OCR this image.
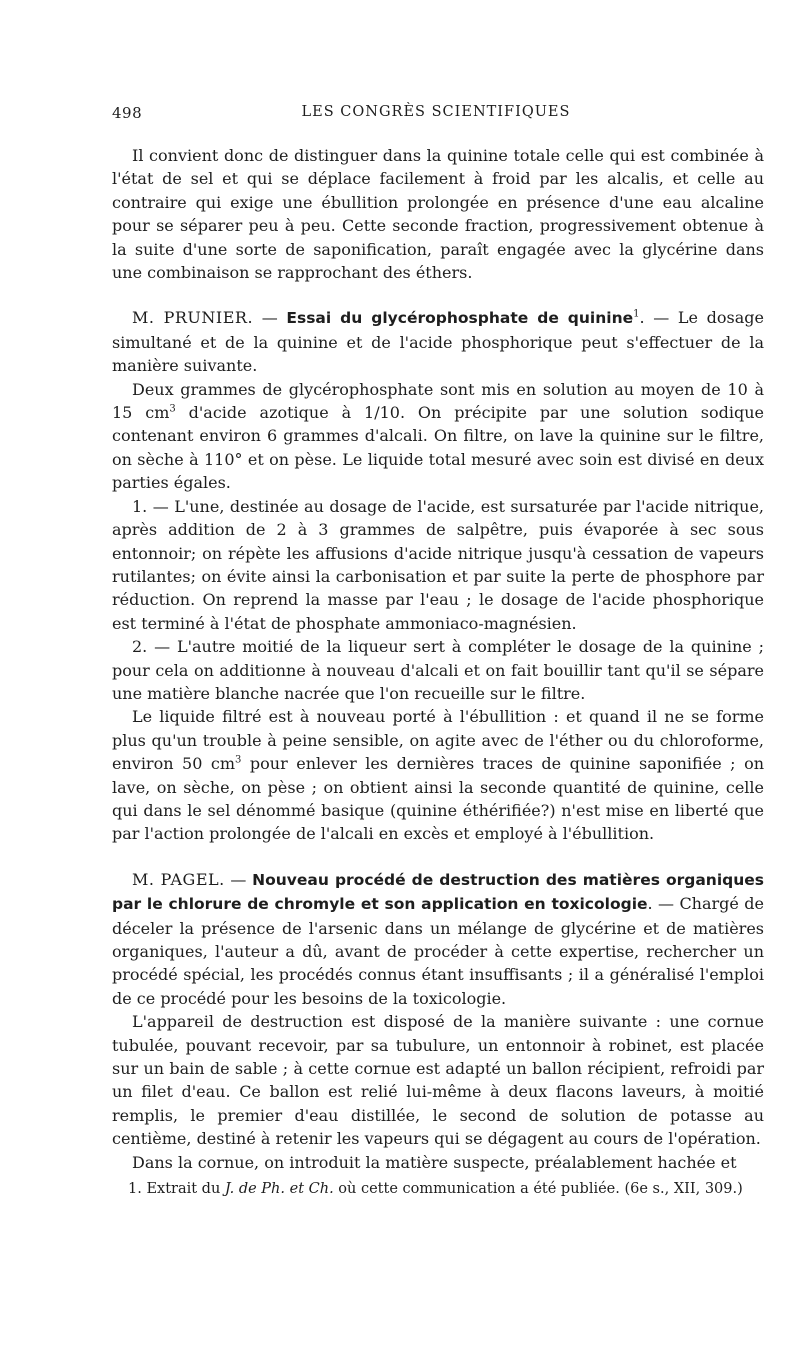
498	LES CONGRÈS SCIENTIFIQUES

Il convient donc de distinguer dans la quinine totale celle qui est combinée à l'état de sel et qui se déplace facilement à froid par les alcalis, et celle au contraire qui exige une ébullition prolongée en présence d'une eau alcaline pour se séparer peu à peu. Cette seconde fraction, progressivement obtenue à la suite d'une sorte de saponification, paraît engagée avec la glycérine dans une combinaison se rapprochant des éthers.

M. PRUNIER. — Essai du glycérophosphate de quinine$^1$. — Le dosage simultané et de la quinine et de l'acide phosphorique peut s'effectuer de la manière suivante.

Deux grammes de glycérophosphate sont mis en solution au moyen de 10 à 15 $cm^3$ d'acide azotique à 1/10. On précipite par une solution sodique contenant environ 6 grammes d'alcali. On filtre, on lave la quinine sur le filtre, on sèche à 110° et on pèse. Le liquide total mesuré avec soin est divisé en deux parties égales.

1. — L'une, destinée au dosage de l'acide, est sursaturée par l'acide nitrique, après addition de 2 à 3 grammes de salpêtre, puis évaporée à sec sous entonnoir; on répète les affusions d'acide nitrique jusqu'à cessation de vapeurs rutilantes; on évite ainsi la carbonisation et par suite la perte de phosphore par réduction. On reprend la masse par l'eau ; le dosage de l'acide phosphorique est terminé à l'état de phosphate ammoniaco-magnésien.

2. — L'autre moitié de la liqueur sert à compléter le dosage de la quinine ; pour cela on additionne à nouveau d'alcali et on fait bouillir tant qu'il se sépare une matière blanche nacrée que l'on recueille sur le filtre.

Le liquide filtré est à nouveau porté à l'ébullition : et quand il ne se forme plus qu'un trouble à peine sensible, on agite avec de l'éther ou du chloroforme, environ 50 $cm^3$ pour enlever les dernières traces de quinine saponifiée ; on lave, on sèche, on pèse ; on obtient ainsi la seconde quantité de quinine, celle qui dans le sel dénommé basique (quinine éthérifiée?) n'est mise en liberté que par l'action prolongée de l'alcali en excès et employé à l'ébullition.

M. PAGEL. — Nouveau procédé de destruction des matières organiques par le chlorure de chromyle et son application en toxicologie. — Chargé de déceler la présence de l'arsenic dans un mélange de glycérine et de matières organiques, l'auteur a dû, avant de procéder à cette expertise, rechercher un procédé spécial, les procédés connus étant insuffisants ; il a généralisé l'emploi de ce procédé pour les besoins de la toxicologie.

L'appareil de destruction est disposé de la manière suivante : une cornue tubulée, pouvant recevoir, par sa tubulure, un entonnoir à robinet, est placée sur un bain de sable ; à cette cornue est adapté un ballon récipient, refroidi par un filet d'eau. Ce ballon est relié lui-même à deux flacons laveurs, à moitié remplis, le premier d'eau distillée, le second de solution de potasse au centième, destiné à retenir les vapeurs qui se dégagent au cours de l'opération.

Dans la cornue, on introduit la matière suspecte, préalablement hachée et

1. Extrait du J. de Ph. et Ch. où cette communication a été publiée. (6e s., XII, 309.)
